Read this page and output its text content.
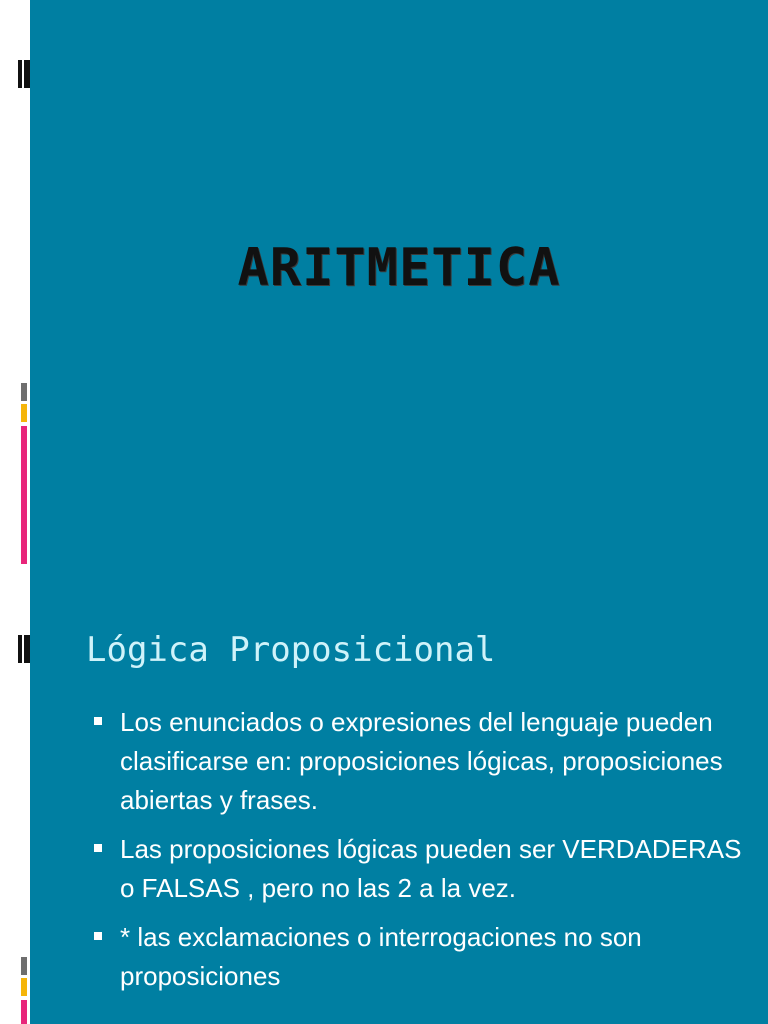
ARITMETICA
Lógica Proposicional
Los enunciados o expresiones del lenguaje pueden clasificarse en: proposiciones lógicas, proposiciones abiertas y frases.
Las proposiciones lógicas pueden ser VERDADERAS o FALSAS , pero no las 2 a la vez.
* las exclamaciones o interrogaciones no son proposiciones
